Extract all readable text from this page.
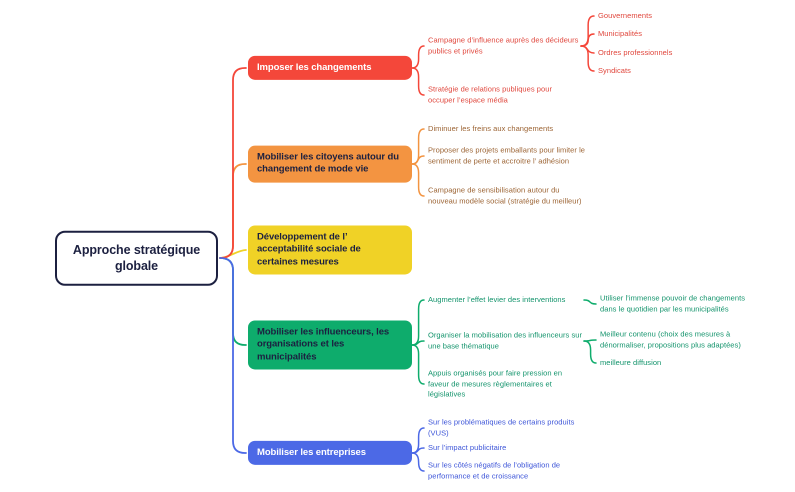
Approche stratégique globale
Imposer les changements
Campagne d’influence auprès des décideurs publics et privés
Stratégie de relations publiques pour occuper l’espace média
Gouvernements
Municipalités
Ordres professionnels
Syndicats
Mobiliser les citoyens autour du changement de mode vie
Diminuer les freins aux changements
Proposer des projets emballants pour limiter le sentiment de perte et accroitre l’ adhésion
Campagne de sensibilisation autour du nouveau modèle social (stratégie du meilleur)
Développement de l’ acceptabilité sociale de certaines mesures
Mobiliser les influenceurs, les organisations et les municipalités
Augmenter l’effet levier des interventions
Organiser la mobilisation des influenceurs sur une base thématique
Appuis organisés pour faire pression en faveur de mesures règlementaires et législatives
Utiliser l’immense pouvoir de changements dans le quotidien par les municipalités
Meilleur contenu (choix des mesures à dénormaliser, propositions plus adaptées)
meilleure diffusion
Mobiliser les entreprises
Sur les problématiques de certains produits (VUS)
Sur l’impact publicitaire
Sur les côtés négatifs de l’obligation de performance et de croissance
